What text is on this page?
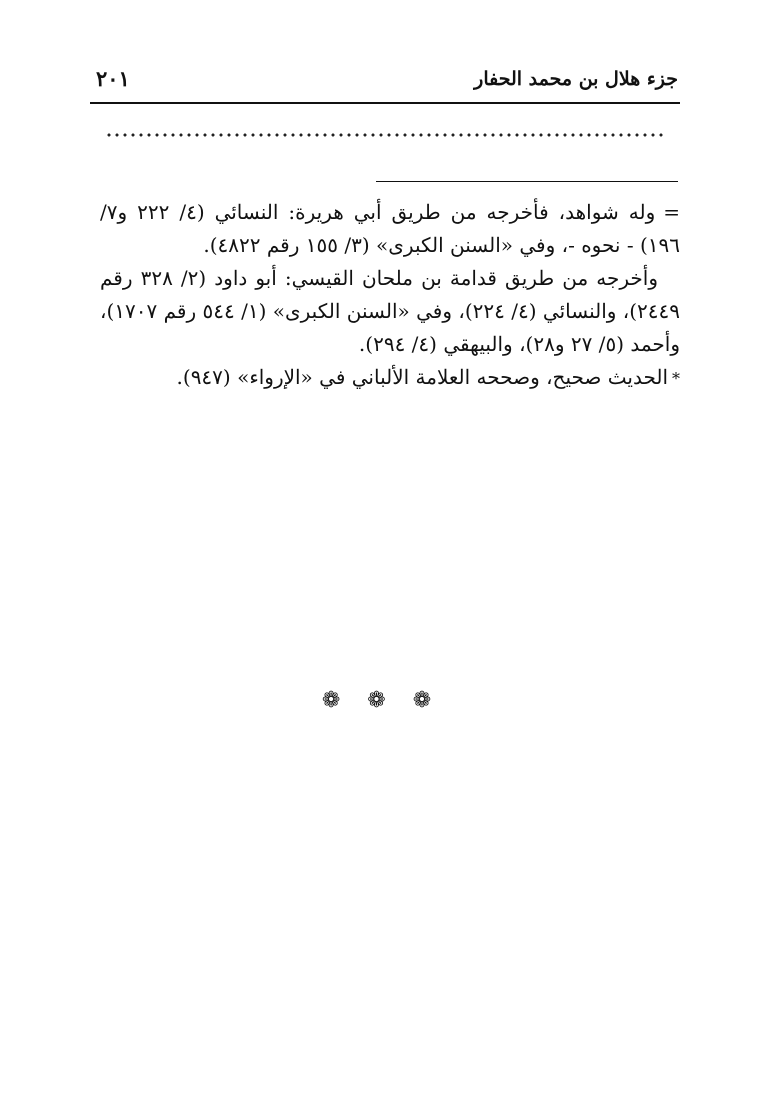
جزء هلال بن محمد الحفار
٢٠١

=وله شواهد، فأخرجه من طريق أبي هريرة: النسائي (٤/ ٢٢٢ و٧/ ١٩٦) - نحوه -، وفي «السنن الكبرى» (٣/ ١٥٥ رقم ٤٨٢٢).

وأخرجه من طريق قدامة بن ملحان القيسي: أبو داود (٢/ ٣٢٨ رقم ٢٤٤٩)، والنسائي (٤/ ٢٢٤)، وفي «السنن الكبرى» (١/ ٥٤٤ رقم ١٧٠٧)، وأحمد (٥/ ٢٧ و٢٨)، والبيهقي (٤/ ٢٩٤).

*الحديث صحيح، وصححه العلامة الألباني في «الإرواء» (٩٤٧).

❁ ❁ ❁
